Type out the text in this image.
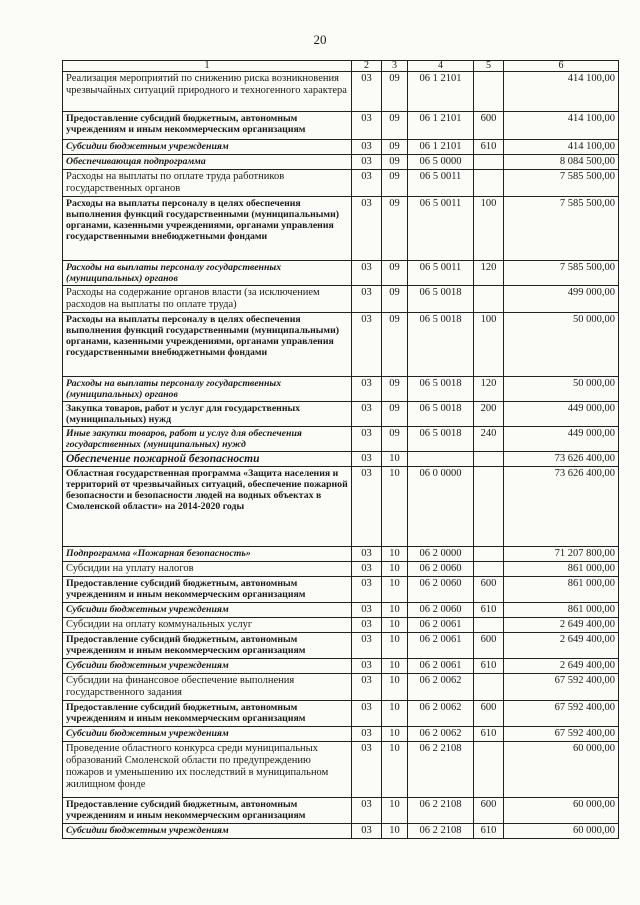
20
1	2	3	4	5	6
Реализация мероприятий по снижению риска возникновения чрезвычайных ситуаций природного и техногенного характера	03	09	06 1 2101		414 100,00
Предоставление субсидий бюджетным, автономным учреждениям и иным некоммерческим организациям	03	09	06 1 2101	600	414 100,00
Субсидии бюджетным учреждениям	03	09	06 1 2101	610	414 100,00
Обеспечивающая подпрограмма	03	09	06 5 0000		8 084 500,00
Расходы на выплаты по оплате труда работников государственных органов	03	09	06 5 0011		7 585 500,00
Расходы на выплаты персоналу в целях обеспечения выполнения функций государственными (муниципальными) органами, казенными учреждениями, органами управления государственными внебюджетными фондами	03	09	06 5 0011	100	7 585 500,00
Расходы на выплаты персоналу государственных (муниципальных) органов	03	09	06 5 0011	120	7 585 500,00
Расходы на содержание органов власти (за исключением расходов на выплаты по оплате труда)	03	09	06 5 0018		499 000,00
Расходы на выплаты персоналу в целях обеспечения выполнения функций государственными (муниципальными) органами, казенными учреждениями, органами управления государственными внебюджетными фондами	03	09	06 5 0018	100	50 000,00
Расходы на выплаты персоналу государственных (муниципальных) органов	03	09	06 5 0018	120	50 000,00
Закупка товаров, работ и услуг для государственных (муниципальных) нужд	03	09	06 5 0018	200	449 000,00
Иные закупки товаров, работ и услуг для обеспечения государственных (муниципальных) нужд	03	09	06 5 0018	240	449 000,00
Обеспечение пожарной безопасности	03	10			73 626 400,00
Областная государственная программа «Защита населения и территорий от чрезвычайных ситуаций, обеспечение пожарной безопасности и безопасности людей на водных объектах в Смоленской области» на 2014-2020 годы	03	10	06 0 0000		73 626 400,00
Подпрограмма «Пожарная безопасность»	03	10	06 2 0000		71 207 800,00
Субсидии на уплату налогов	03	10	06 2 0060		861 000,00
Предоставление субсидий бюджетным, автономным учреждениям и иным некоммерческим организациям	03	10	06 2 0060	600	861 000,00
Субсидии бюджетным учреждениям	03	10	06 2 0060	610	861 000,00
Субсидии на оплату коммунальных услуг	03	10	06 2 0061		2 649 400,00
Предоставление субсидий бюджетным, автономным учреждениям и иным некоммерческим организациям	03	10	06 2 0061	600	2 649 400,00
Субсидии бюджетным учреждениям	03	10	06 2 0061	610	2 649 400,00
Субсидии на финансовое обеспечение выполнения государственного задания	03	10	06 2 0062		67 592 400,00
Предоставление субсидий бюджетным, автономным учреждениям и иным некоммерческим организациям	03	10	06 2 0062	600	67 592 400,00
Субсидии бюджетным учреждениям	03	10	06 2 0062	610	67 592 400,00
Проведение областного конкурса среди муниципальных образований Смоленской области по предупреждению пожаров и уменьшению их последствий в муниципальном жилищном фонде	03	10	06 2 2108		60 000,00
Предоставление субсидий бюджетным, автономным учреждениям и иным некоммерческим организациям	03	10	06 2 2108	600	60 000,00
Субсидии бюджетным учреждениям	03	10	06 2 2108	610	60 000,00
